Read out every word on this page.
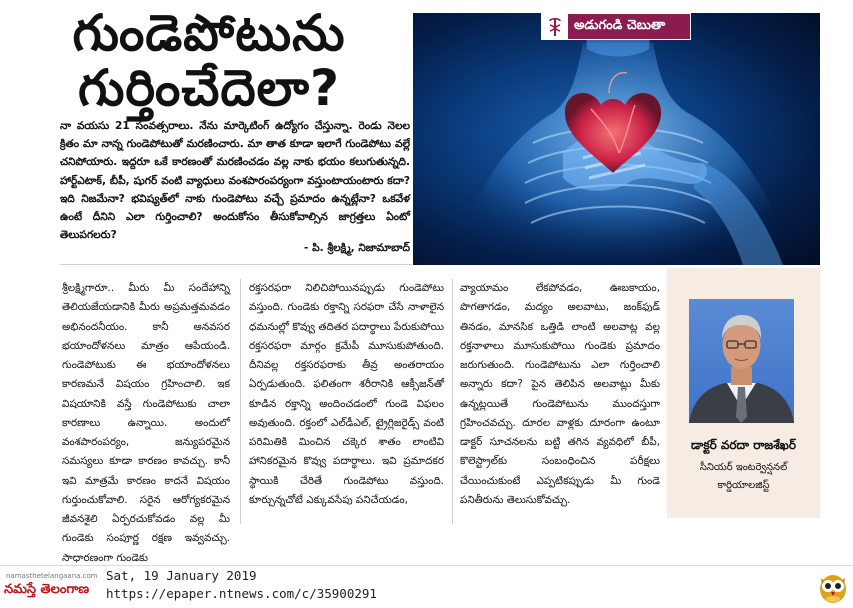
గుండెపోటును
గుర్తించేదెలా?
అడుగండి చెబుతా
నా వయసు 21 సంవత్సరాలు. నేను మార్కెటింగ్ ఉద్యోగం చేస్తున్నా. రెండు నెలల క్రితం మా నాన్న గుండెపోటుతో మరణించారు. మా తాత కూడా ఇలాగే గుండెపోటు వల్లే చనిపోయారు. ఇద్దరూ ఒకే కారణంతో మరణించడం వల్ల నాకు భయం కలుగుతున్నది. హార్ట్‌ఎటాక్, బీపీ, షుగర్ వంటి వ్యాధులు వంశపారంపర్యంగా వస్తుంటాయంటారు కదా? ఇది నిజమేనా? భవిష్యత్‌లో నాకు గుండెపోటు వచ్చే ప్రమాదం ఉన్నట్లేనా? ఒకవేళ ఉంటే దీనిని ఎలా గుర్తించాలి? అందుకోసం తీసుకోవాల్సిన జాగ్రత్తలు ఏంటో తెలుపగలరు?
- పి. శ్రీలక్ష్మి, నిజామాబాద్

శ్రీలక్ష్మిగారూ.. మీరు మీ సందేహాన్ని తెలియజేయడానికి మీరు అప్రమత్తమవడం అభినందనీయం. కానీ అనవసర భయాందోళనలు మాత్రం ఆపేయండి. గుండెపోటుకు ఈ భయాందోళనలు కారణమనే విషయం గ్రహించాలి. ఇక విషయానికి వస్తే గుండెపోటుకు చాలా కారణాలు ఉన్నాయి. అందులో వంశపారంపర్యం, జన్యుపరమైన సమస్యలు కూడా కారణం కావచ్చు. కానీ ఇవి మాత్రమే కారణం కాదనే విషయం గుర్తుంచుకోవాలి. సరైన ఆరోగ్యకరమైన జీవనశైలి ఏర్పరచుకోవడం వల్ల మీ గుండెకు సంపూర్ణ రక్షణ ఇవ్వవచ్చు. సాధారణంగా గుండెకు

రక్తసరఫరా నిలిచిపోయినప్పుడు గుండెపోటు వస్తుంది. గుండెకు రక్తాన్ని సరఫరా చేసే నాళాలైన ధమనుల్లో కొవ్వు తదితర పదార్థాలు పేరుకుపోయి రక్తసరఫరా మార్గం క్రమేపీ మూసుకుపోతుంది. దీనివల్ల రక్తసరఫరాకు తీవ్ర అంతరాయం ఏర్పడుతుంది. ఫలితంగా శరీరానికి ఆక్సీజన్‌తో కూడిన రక్తాన్ని అందించడంలో గుండె విఫలం అవుతుంది. రక్తంలో ఎల్‌డీఎల్, ట్రైగ్లిజరైడ్స్ వంటి పరిమితికి మించిన చక్కెర శాతం లాంటివి హానికరమైన కొవ్వు పదార్థాలు. ఇవి ప్రమాదకర స్థాయికి చేరితే గుండెపోటు వస్తుంది. కూర్చున్నచోటే ఎక్కువసేపు పనిచేయడం,

వ్యాయామం లేకపోవడం, ఊబకాయం, పొగతాగడం, మద్యం అలవాటు, జంక్‌ఫుడ్ తినడం, మానసిక ఒత్తిడి లాంటి అలవాట్ల వల్ల రక్తనాళాలు మూసుకుపోయి గుండెకు ప్రమాదం జరుగుతుంది. గుండెపోటును ఎలా గుర్తించాలి అన్నారు కదా? పైన తెలిపిన అలవాట్లు మీకు ఉన్నట్లయితే గుండెపోటును ముందస్తుగా గ్రహించవచ్చు. దూరల వాళ్లకు దూరంగా ఉంటూ డాక్టర్ సూచనలను బట్టి తగిన వ్యవధిలో బీపీ, కొలెస్ట్రాల్‌కు సంబంధించిన పరీక్షలు చేయించుకుంటే ఎప్పటికప్పుడు మీ గుండె పనితీరును తెలుసుకోవచ్చు.

డాక్టర్ వరదా రాజశేఖర్
సీనియర్ ఇంటర్వెన్షనల్
కార్డియాలజిస్ట్
namasthetelangaana.com
నమస్తే తెలంగాణ
Sat, 19 January 2019
https://epaper.ntnews.com/c/35900291
